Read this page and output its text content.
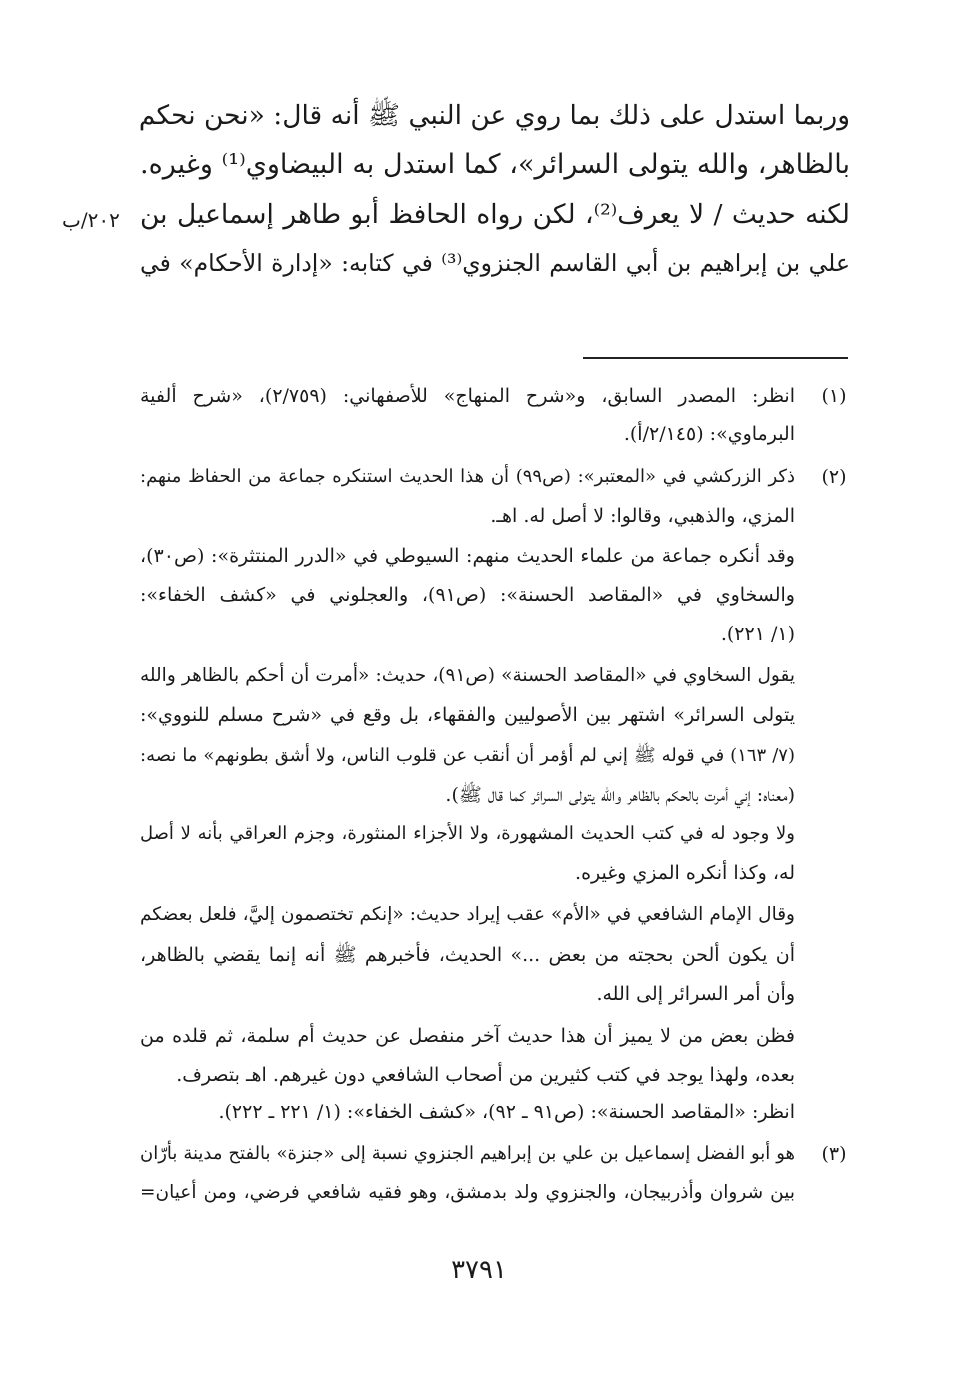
وربما استدل على ذلك بما روي عن النبي ﷺ أنه قال: «نحن نحكم
بالظاهر، والله يتولى السرائر»، كما استدل به البيضاوي⁽¹⁾ وغيره.
لكنه حديث / لا يعرف⁽²⁾، لكن رواه الحافظ أبو طاهر إسماعيل بن
علي بن إبراهيم بن أبي القاسم الجنزوي⁽³⁾ في كتابه: «إدارة الأحكام» في
٢٠٢/ب
(١)
انظر: المصدر السابق، و«شرح المنهاج» للأصفهاني: (٢/٧٥٩)، «شرح ألفية
البرماوي»: (٢/١٤٥/أ).
(٢)
ذكر الزركشي في «المعتبر»: (ص٩٩) أن هذا الحديث استنكره جماعة من الحفاظ منهم:
المزي، والذهبي، وقالوا: لا أصل له. اهـ.
وقد أنكره جماعة من علماء الحديث منهم: السيوطي في «الدرر المنتثرة»: (ص٣٠)،
والسخاوي في «المقاصد الحسنة»: (ص٩١)، والعجلوني في «كشف الخفاء»:
(١/ ٢٢١).
يقول السخاوي في «المقاصد الحسنة» (ص٩١)، حديث: «أمرت أن أحكم بالظاهر والله
يتولى السرائر» اشتهر بين الأصوليين والفقهاء، بل وقع في «شرح مسلم للنووي»:
(٧/ ١٦٣) في قوله ﷺ إني لم أؤمر أن أنقب عن قلوب الناس، ولا أشق بطونهم» ما نصه:
(معناه: إني أمرت بالحكم بالظاهر والله يتولى السرائر كما قال ﷺ).
ولا وجود له في كتب الحديث المشهورة، ولا الأجزاء المنثورة، وجزم العراقي بأنه لا أصل
له، وكذا أنكره المزي وغيره.
وقال الإمام الشافعي في «الأم» عقب إيراد حديث: «إنكم تختصمون إليَّ، فلعل بعضكم
أن يكون ألحن بحجته من بعض ...» الحديث، فأخبرهم ﷺ أنه إنما يقضي بالظاهر،
وأن أمر السرائر إلى الله.
فظن بعض من لا يميز أن هذا حديث آخر منفصل عن حديث أم سلمة، ثم قلده من
بعده، ولهذا يوجد في كتب كثيرين من أصحاب الشافعي دون غيرهم. اهـ بتصرف.
انظر: «المقاصد الحسنة»: (ص٩١ ـ ٩٢)، «كشف الخفاء»: (١/ ٢٢١ ـ ٢٢٢).
(٣)
هو أبو الفضل إسماعيل بن علي بن إبراهيم الجنزوي نسبة إلى «جنزة» بالفتح مدينة بأرّان
بين شروان وأذربيجان، والجنزوي ولد بدمشق، وهو فقيه شافعي فرضي، ومن أعيان=
٣٧٩١
